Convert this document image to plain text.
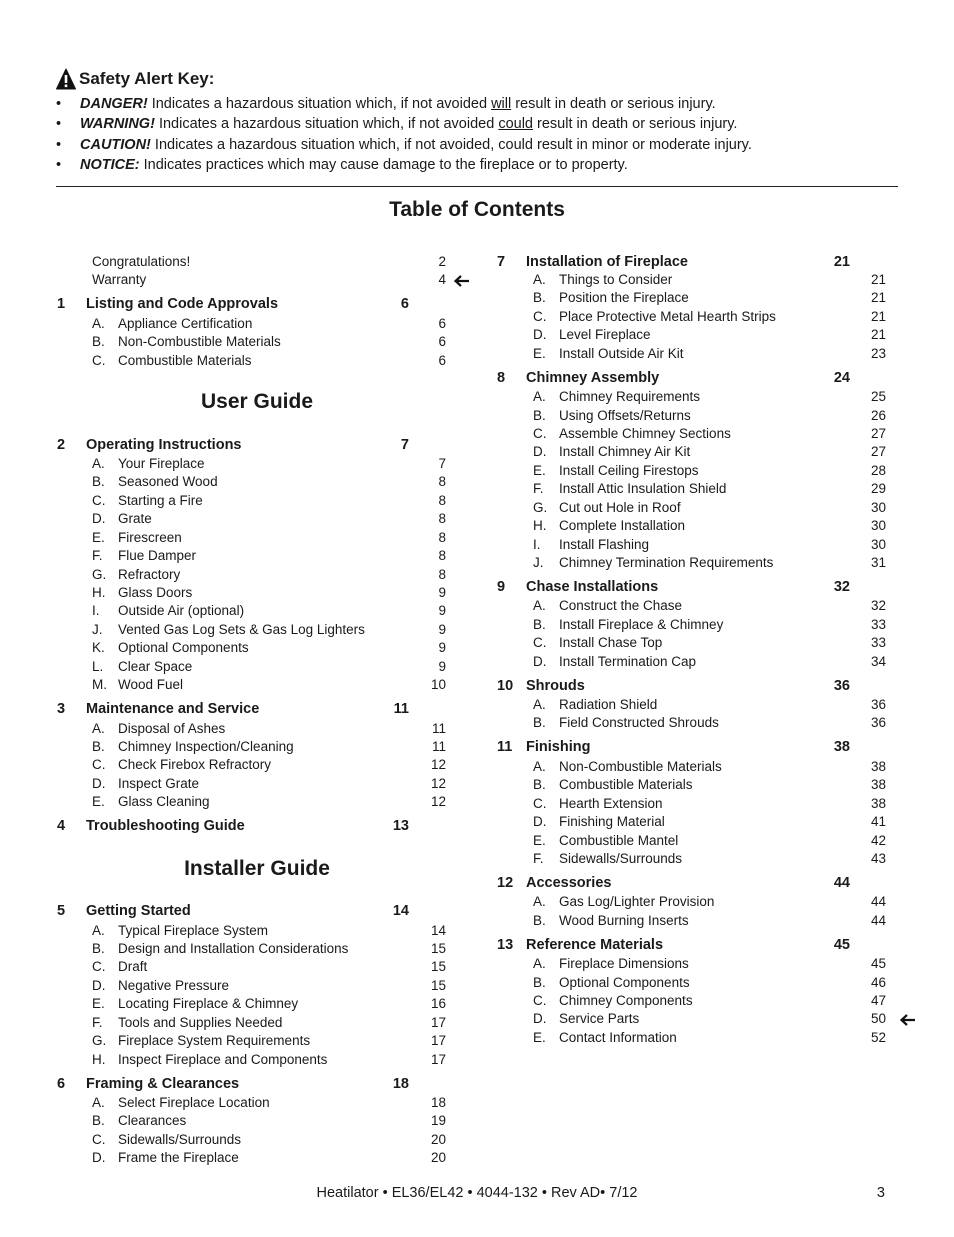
Safety Alert Key:
• DANGER! Indicates a hazardous situation which, if not avoided will result in death or serious injury.
• WARNING! Indicates a hazardous situation which, if not avoided could result in death or serious injury.
• CAUTION! Indicates a hazardous situation which, if not avoided, could result in minor or moderate injury.
• NOTICE: Indicates practices which may cause damage to the fireplace or to property.
Table of Contents
User Guide
Installer Guide
Congratulations!	2
Warranty	4
1 Listing and Code Approvals	6
A. Appliance Certification	6
B. Non-Combustible Materials	6
C. Combustible Materials	6
2 Operating Instructions	7
A. Your Fireplace	7
B. Seasoned Wood	8
C. Starting a Fire	8
D. Grate	8
E. Firescreen	8
F. Flue Damper	8
G. Refractory	8
H. Glass Doors	9
I. Outside Air (optional)	9
J. Vented Gas Log Sets & Gas Log Lighters	9
K. Optional Components	9
L. Clear Space	9
M. Wood Fuel	10
3 Maintenance and Service	11
A. Disposal of Ashes	11
B. Chimney Inspection/Cleaning	11
C. Check Firebox Refractory	12
D. Inspect Grate	12
E. Glass Cleaning	12
4 Troubleshooting Guide	13
5 Getting Started	14
A. Typical Fireplace System	14
B. Design and Installation Considerations	15
C. Draft	15
D. Negative Pressure	15
E. Locating Fireplace & Chimney	16
F. Tools and Supplies Needed	17
G. Fireplace System Requirements	17
H. Inspect Fireplace and Components	17
6 Framing & Clearances	18
A. Select Fireplace Location	18
B. Clearances	19
C. Sidewalls/Surrounds	20
D. Frame the Fireplace	20
7 Installation of Fireplace	21
A. Things to Consider	21
B. Position the Fireplace	21
C. Place Protective Metal Hearth Strips	21
D. Level Fireplace	21
E. Install Outside Air Kit	23
8 Chimney Assembly	24
A. Chimney Requirements	25
B. Using Offsets/Returns	26
C. Assemble Chimney Sections	27
D. Install Chimney Air Kit	27
E. Install Ceiling Firestops	28
F. Install Attic Insulation Shield	29
G. Cut out Hole in Roof	30
H. Complete Installation	30
I. Install Flashing	30
J. Chimney Termination Requirements	31
9 Chase Installations	32
A. Construct the Chase	32
B. Install Fireplace & Chimney	33
C. Install Chase Top	33
D. Install Termination Cap	34
10 Shrouds	36
A. Radiation Shield	36
B. Field Constructed Shrouds	36
11 Finishing	38
A. Non-Combustible Materials	38
B. Combustible Materials	38
C. Hearth Extension	38
D. Finishing Material	41
E. Combustible Mantel	42
F. Sidewalls/Surrounds	43
12 Accessories	44
A. Gas Log/Lighter Provision	44
B. Wood Burning Inserts	44
13 Reference Materials	45
A. Fireplace Dimensions	45
B. Optional Components	46
C. Chimney Components	47
D. Service Parts	50
E. Contact Information	52
Heatilator • EL36/EL42 • 4044-132 • Rev AD• 7/12	3
